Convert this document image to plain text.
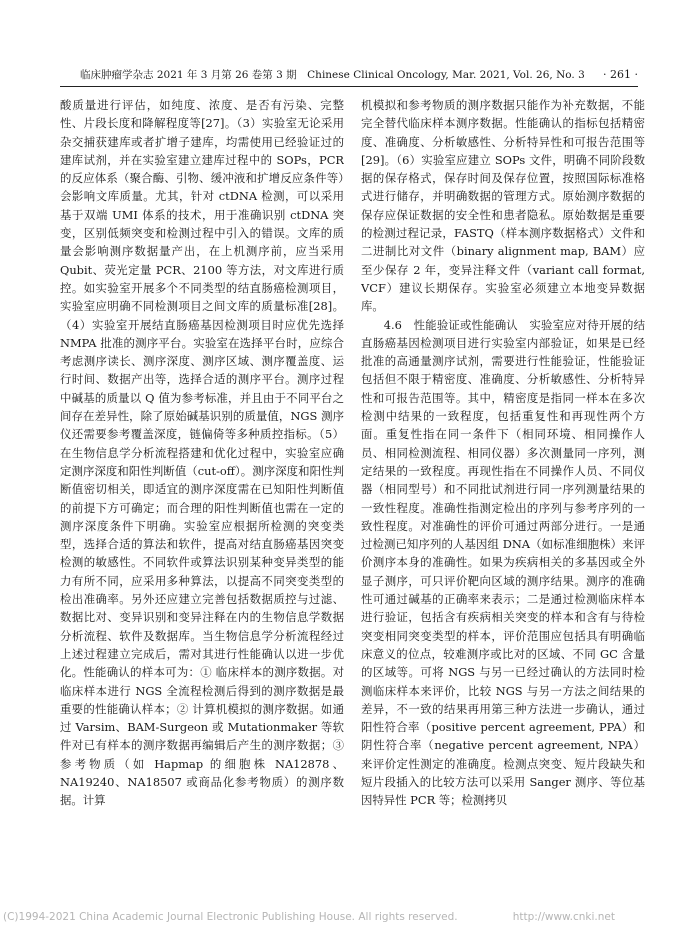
临床肿瘤学杂志 2021 年 3 月第 26 卷第 3 期　Chinese Clinical Oncology, Mar. 2021, Vol. 26, No. 3 · 261 ·

酸质量进行评估，如纯度、浓度、是否有污染、完整性、片段长度和降解程度等[27]。（3）实验室无论采用杂交捕获建库或者扩增子建库，均需使用已经验证过的建库试剂，并在实验室建立建库过程中的 SOPs，PCR 的反应体系（聚合酶、引物、缓冲液和扩增反应条件等）会影响文库质量。尤其，针对 ctDNA 检测，可以采用基于双端 UMI 体系的技术，用于准确识别 ctDNA 突变，区别低频突变和检测过程中引入的错误。文库的质量会影响测序数据量产出，在上机测序前，应当采用 Qubit、荧光定量 PCR、2100 等方法，对文库进行质控。如实验室开展多个不同类型的结直肠癌检测项目，实验室应明确不同检测项目之间文库的质量标准[28]。（4）实验室开展结直肠癌基因检测项目时应优先选择 NMPA 批准的测序平台。实验室在选择平台时，应综合考虑测序读长、测序深度、测序区域、测序覆盖度、运行时间、数据产出等，选择合适的测序平台。测序过程中碱基的质量以 Q 值为参考标准，并且由于不同平台之间存在差异性，除了原始碱基识别的质量值，NGS 测序仪还需要参考覆盖深度，链偏倚等多种质控指标。（5）在生物信息学分析流程搭建和优化过程中，实验室应确定测序深度和阳性判断值（cut-off）。测序深度和阳性判断值密切相关，即适宜的测序深度需在已知阳性判断值的前提下方可确定；而合理的阳性判断值也需在一定的测序深度条件下明确。实验室应根据所检测的突变类型，选择合适的算法和软件，提高对结直肠癌基因突变检测的敏感性。不同软件或算法识别某种变异类型的能力有所不同，应采用多种算法，以提高不同突变类型的检出准确率。另外还应建立完善包括数据质控与过滤、数据比对、变异识别和变异注释在内的生物信息学数据分析流程、软件及数据库。当生物信息学分析流程经过上述过程建立完成后，需对其进行性能确认以进一步优化。性能确认的样本可为：① 临床样本的测序数据。对临床样本进行 NGS 全流程检测后得到的测序数据是最重要的性能确认样本；② 计算机模拟的测序数据。如通过 Varsim、BAM-Surgeon 或 Mutationmaker 等软件对已有样本的测序数据再编辑后产生的测序数据；③ 参考物质（如 Hapmap 的细胞株 NA12878、NA19240、NA18507 或商品化参考物质）的测序数据。计算

机模拟和参考物质的测序数据只能作为补充数据，不能完全替代临床样本测序数据。性能确认的指标包括精密度、准确度、分析敏感性、分析特异性和可报告范围等[29]。（6）实验室应建立 SOPs 文件，明确不同阶段数据的保存格式，保存时间及保存位置，按照国际标准格式进行储存，并明确数据的管理方式。原始测序数据的保存应保证数据的安全性和患者隐私。原始数据是重要的检测过程记录，FASTQ（样本测序数据格式）文件和二进制比对文件（binary alignment map, BAM）应至少保存 2 年，变异注释文件（variant call format, VCF）建议长期保存。实验室必须建立本地变异数据库。

4.6　性能验证或性能确认　实验室应对待开展的结直肠癌基因检测项目进行实验室内部验证，如果是已经批准的高通量测序试剂，需要进行性能验证，性能验证包括但不限于精密度、准确度、分析敏感性、分析特异性和可报告范围等。其中，精密度是指同一样本在多次检测中结果的一致程度，包括重复性和再现性两个方面。重复性指在同一条件下（相同环境、相同操作人员、相同检测流程、相同仪器）多次测量同一序列，测定结果的一致程度。再现性指在不同操作人员、不同仪器（相同型号）和不同批试剂进行同一序列测量结果的一致性程度。准确性指测定检出的序列与参考序列的一致性程度。对准确性的评价可通过两部分进行。一是通过检测已知序列的人基因组 DNA（如标准细胞株）来评价测序本身的准确性。如果为疾病相关的多基因或全外显子测序，可只评价靶向区域的测序结果。测序的准确性可通过碱基的正确率来表示；二是通过检测临床样本进行验证，包括含有疾病相关突变的样本和含有与待检突变相同突变类型的样本，评价范围应包括具有明确临床意义的位点，较难测序或比对的区域、不同 GC 含量的区域等。可将 NGS 与另一已经过确认的方法同时检测临床样本来评价，比较 NGS 与另一方法之间结果的差异，不一致的结果再用第三种方法进一步确认，通过阳性符合率（positive percent agreement, PPA）和阴性符合率（negative percent agreement, NPA）来评价定性测定的准确度。检测点突变、短片段缺失和短片段插入的比较方法可以采用 Sanger 测序、等位基因特异性 PCR 等；检测拷贝

(C)1994-2021 China Academic Journal Electronic Publishing House. All rights reserved.	http://www.cnki.net
